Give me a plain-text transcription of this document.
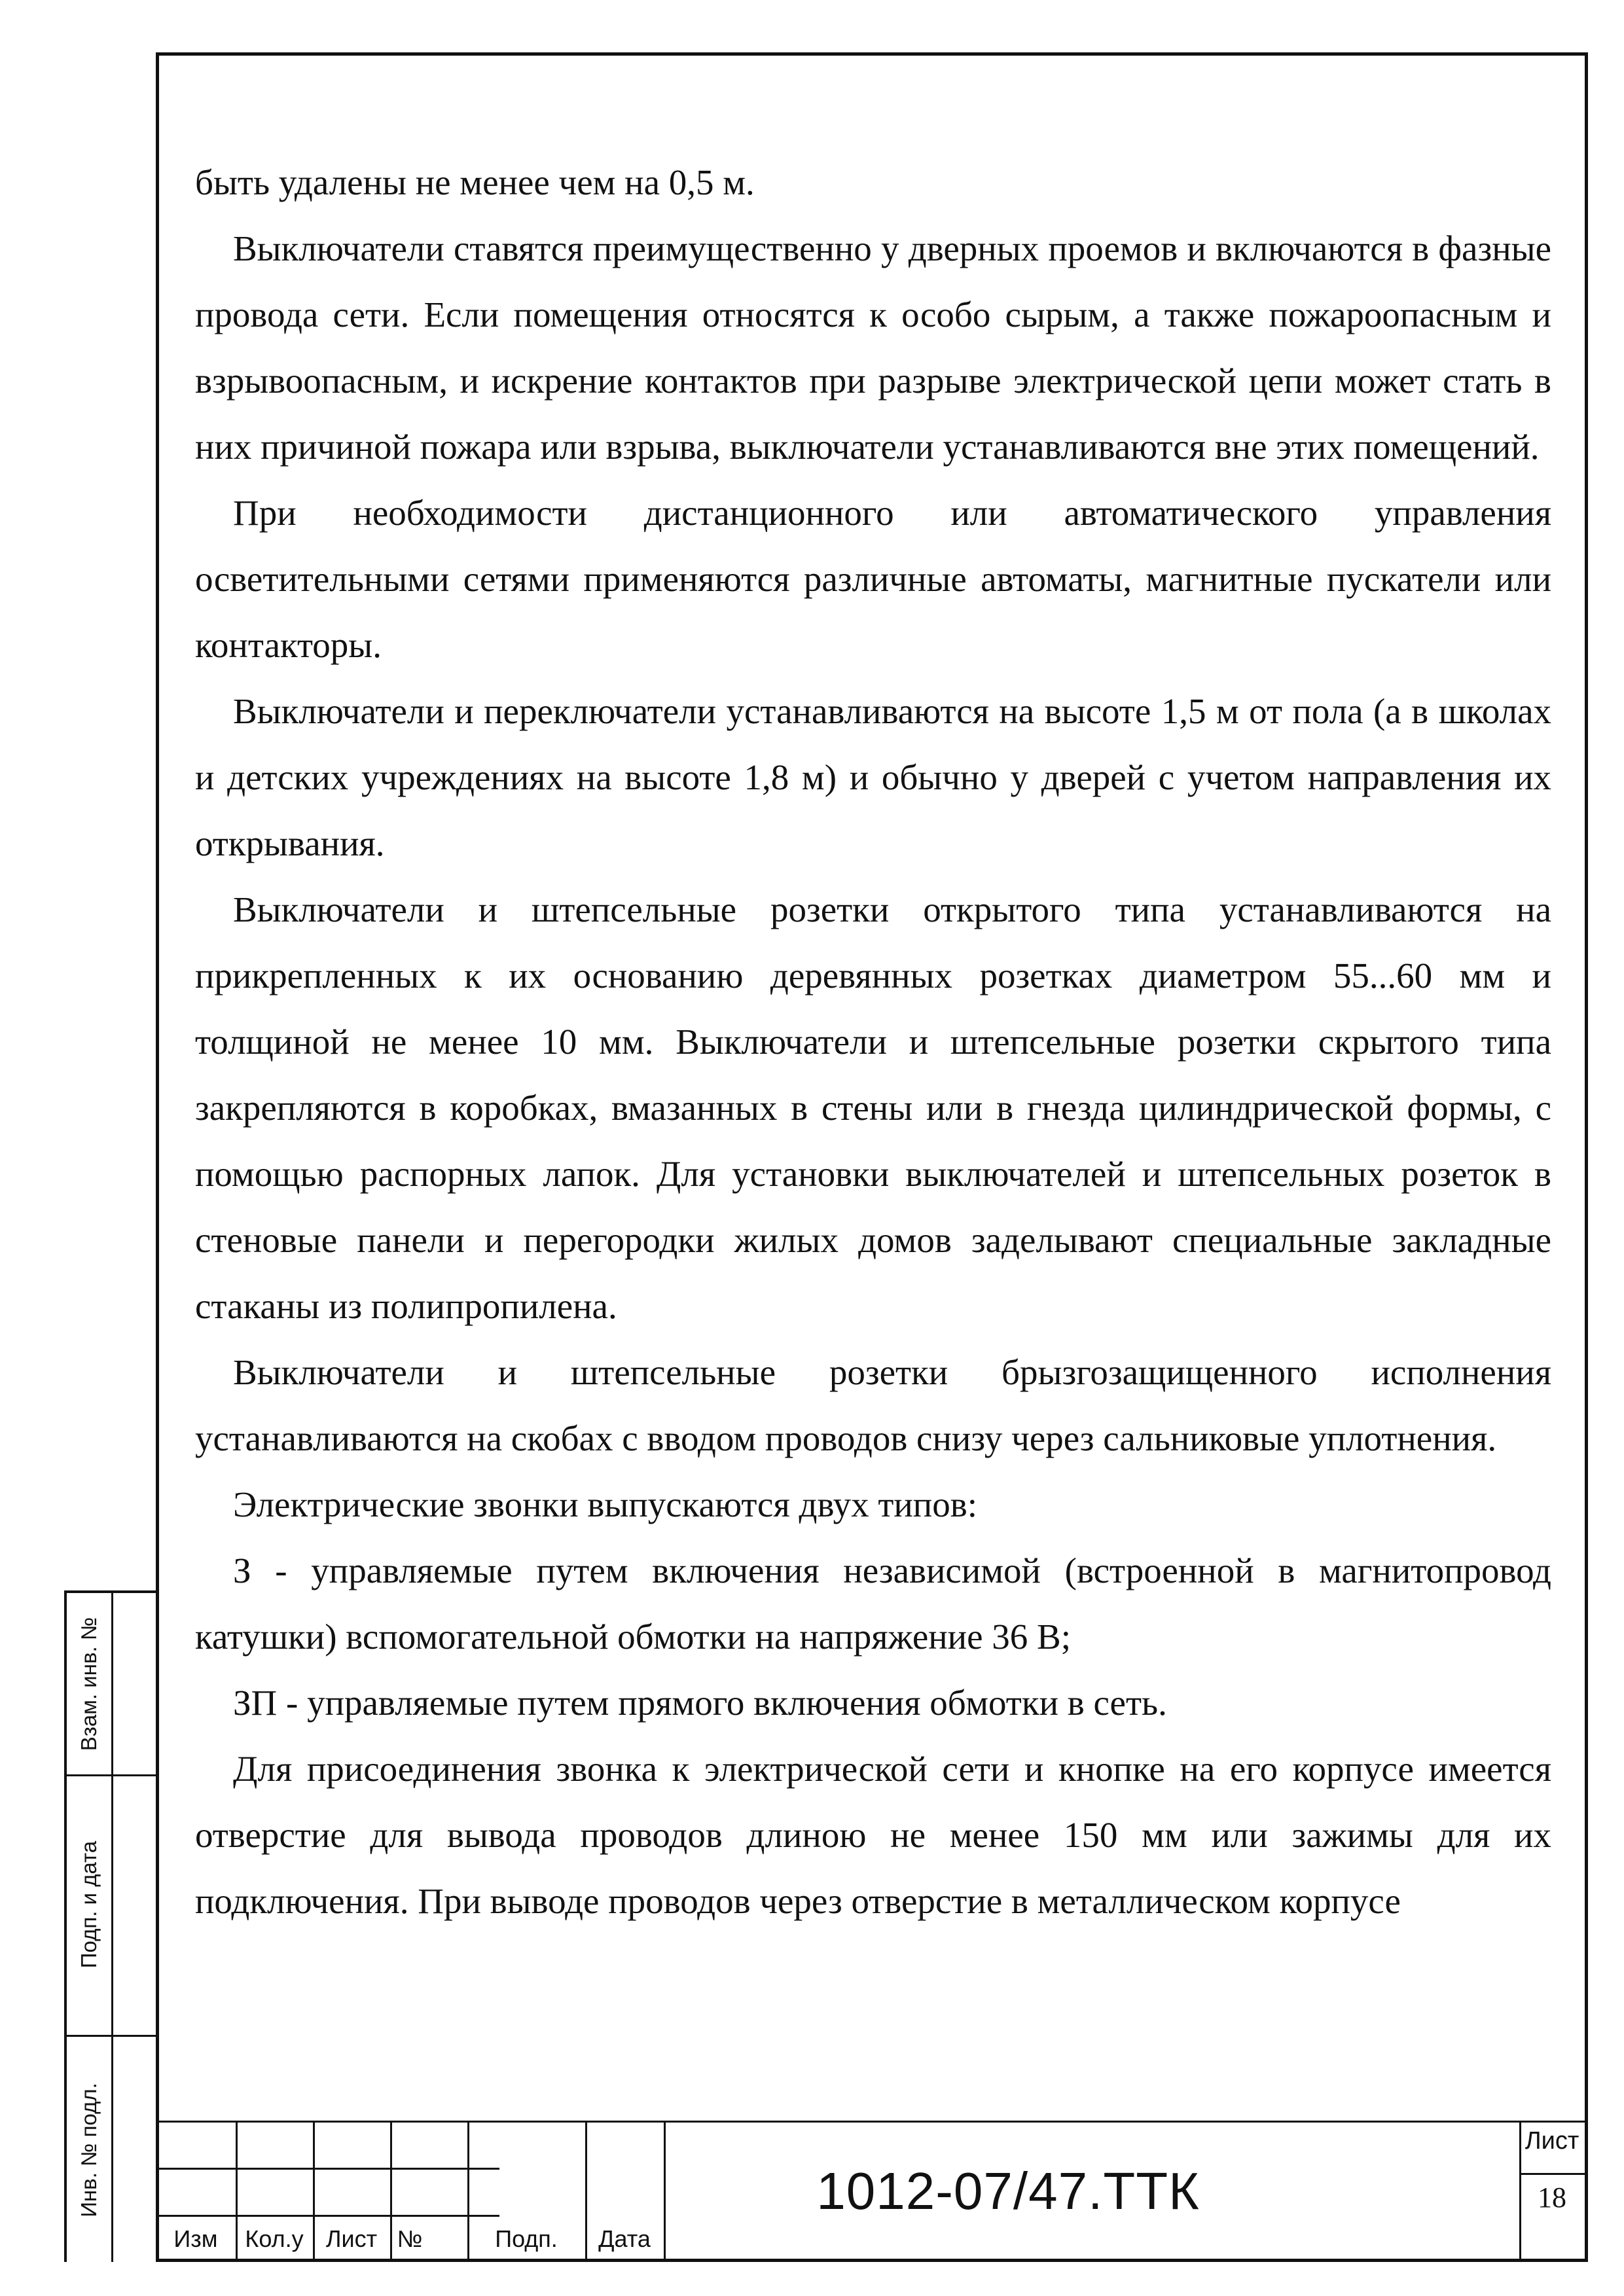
быть удалены не менее чем на 0,5 м.

Выключатели ставятся преимущественно у дверных проемов и включаются в фазные провода сети. Если помещения относятся к особо сырым, а также пожароопасным и взрывоопасным, и искрение контактов при разрыве электрической цепи может стать в них причиной пожара или взрыва, выключатели устанавливаются вне этих помещений.

При необходимости дистанционного или автоматического управления осветительными сетями применяются различные автоматы, магнитные пускатели или контакторы.

Выключатели и переключатели устанавливаются на высоте 1,5 м от пола (а в школах и детских учреждениях на высоте 1,8 м) и обычно у дверей с учетом направления их открывания.

Выключатели и штепсельные розетки открытого типа устанавливаются на прикрепленных к их основанию деревянных розетках диаметром 55...60 мм и толщиной не менее 10 мм. Выключатели и штепсельные розетки скрытого типа закрепляются в коробках, вмазанных в стены или в гнезда цилиндрической формы, с помощью распорных лапок. Для установки выключателей и штепсельных розеток в стеновые панели и перегородки жилых домов заделывают специальные закладные стаканы из полипропилена.

Выключатели и штепсельные розетки брызгозащищенного исполнения устанавливаются на скобах с вводом проводов снизу через сальниковые уплотнения.

Электрические звонки выпускаются двух типов:

З - управляемые путем включения независимой (встроенной в магнитопровод катушки) вспомогательной обмотки на напряжение 36 В;

ЗП - управляемые путем прямого включения обмотки в сеть.

Для присоединения звонка к электрической сети и кнопке на его корпусе имеется отверстие для вывода проводов длиною не менее 150 мм или зажимы для их подключения. При выводе проводов через отверстие в металлическом корпусе

Взам. инв. №
Подп. и дата
Инв. № подл.
Изм	Кол.у Лист №	Подп.	Дата
1012-07/47.ТТК
Лист
18
